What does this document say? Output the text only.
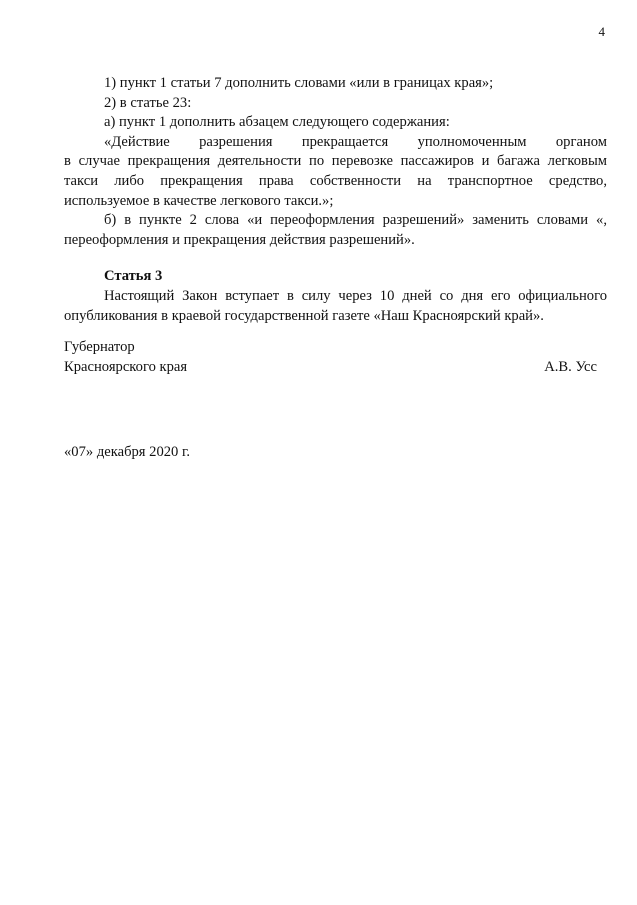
4

1) пункт 1 статьи 7 дополнить словами «или в границах края»;

2) в статье 23:

а) пункт 1 дополнить абзацем следующего содержания:

«Действие разрешения прекращается уполномоченным органом

в случае прекращения деятельности по перевозке пассажиров и багажа легковым такси либо прекращения права собственности на транспортное средство, используемое в качестве легкового такси.»;

б) в пункте 2 слова «и переоформления разрешений» заменить словами «, переоформления и прекращения действия разрешений».

Статья 3

Настоящий Закон вступает в силу через 10 дней со дня его официального опубликования в краевой государственной газете «Наш Красноярский край».

Губернатор
Красноярского края	А.В. Усс
«07» декабря 2020 г.
